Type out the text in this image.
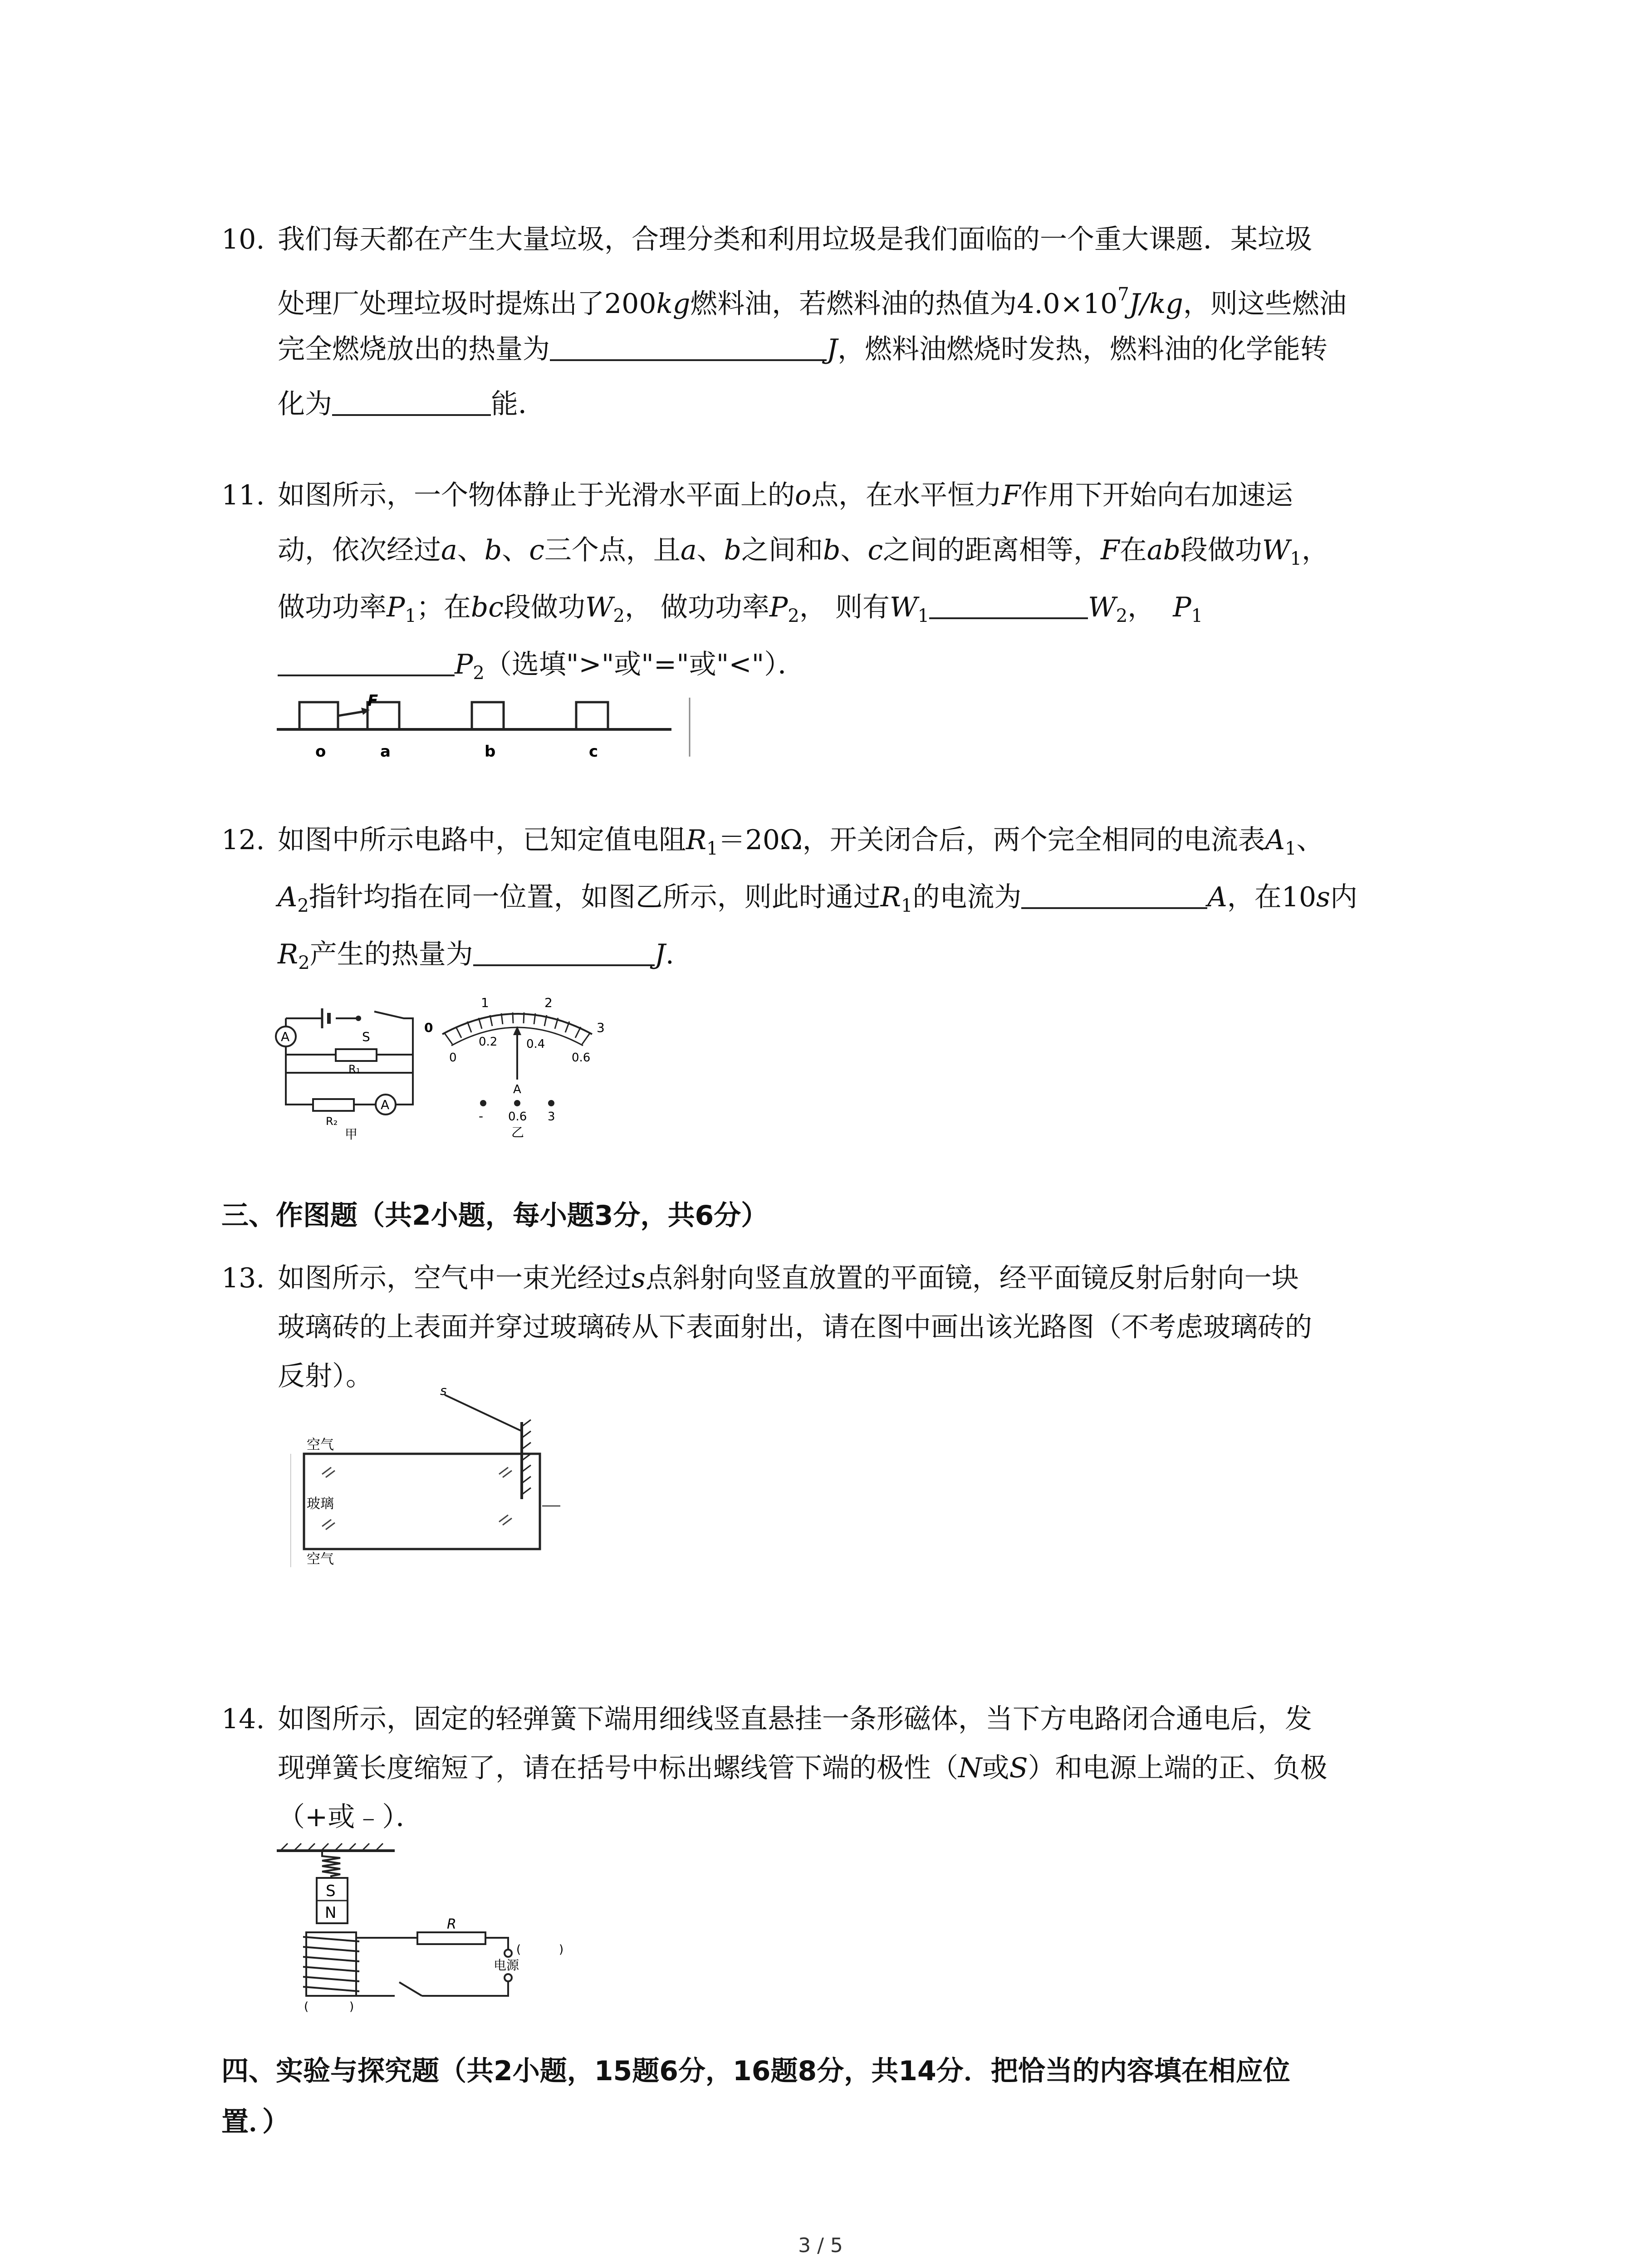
10. 我们每天都在产生大量垃圾，合理分类和利用垃圾是我们面临的一个重大课题．某垃圾
处理厂处理垃圾时提炼出了200kg燃料油，若燃料油的热值为$4.0\times 10^7J/kg$，则这些燃油
完全燃烧放出的热量为	J，燃料油燃烧时发热，燃料油的化学能转
化为	能．
11. 如图所示，一个物体静止于光滑水平面上的o点，在水平恒力F作用下开始向右加速运
动，依次经过a、b、c三个点，且a、b之间和b、c之间的距离相等，F在ab段做功$W_1$，
做功功率$P_1$；在bc段做功$W_2$， 做功功率$P_2$， 则有$W_1$	$W_2$， $P_1$
$P_2$（选填">"或"="或"<"）．
F
o	a	b	c
12. 如图中所示电路中，已知定值电阻$R_1=20\Omega$，开关闭合后，两个完全相同的电流表$A_1$、
$A_2$指针均指在同一位置，如图乙所示，则此时通过$R_1$的电流为	A，在10s内
$R_2$产生的热量为	J.
S
A
R₁
R₂
A
甲
0
1	2
3
0
0.2 0.4
0.6
A
- 0.6 3
乙
三、作图题（共2小题，每小题3分，共6分）
13. 如图所示，空气中一束光经过s点斜射向竖直放置的平面镜，经平面镜反射后射向一块
玻璃砖的上表面并穿过玻璃砖从下表面射出，请在图中画出该光路图（不考虑玻璃砖的
反射）。	s
空气
玻璃
空气
14. 如图所示，固定的轻弹簧下端用细线竖直悬挂一条形磁体，当下方电路闭合通电后，发
现弹簧长度缩短了，请在括号中标出螺线管下端的极性（N或S）和电源上端的正、负极
（+或﹣）．
S
N
R
电源
(	)
(	)
四、实验与探究题（共2小题，15题6分，16题8分，共14分．把恰当的内容填在相应位
置．）
3 / 5
